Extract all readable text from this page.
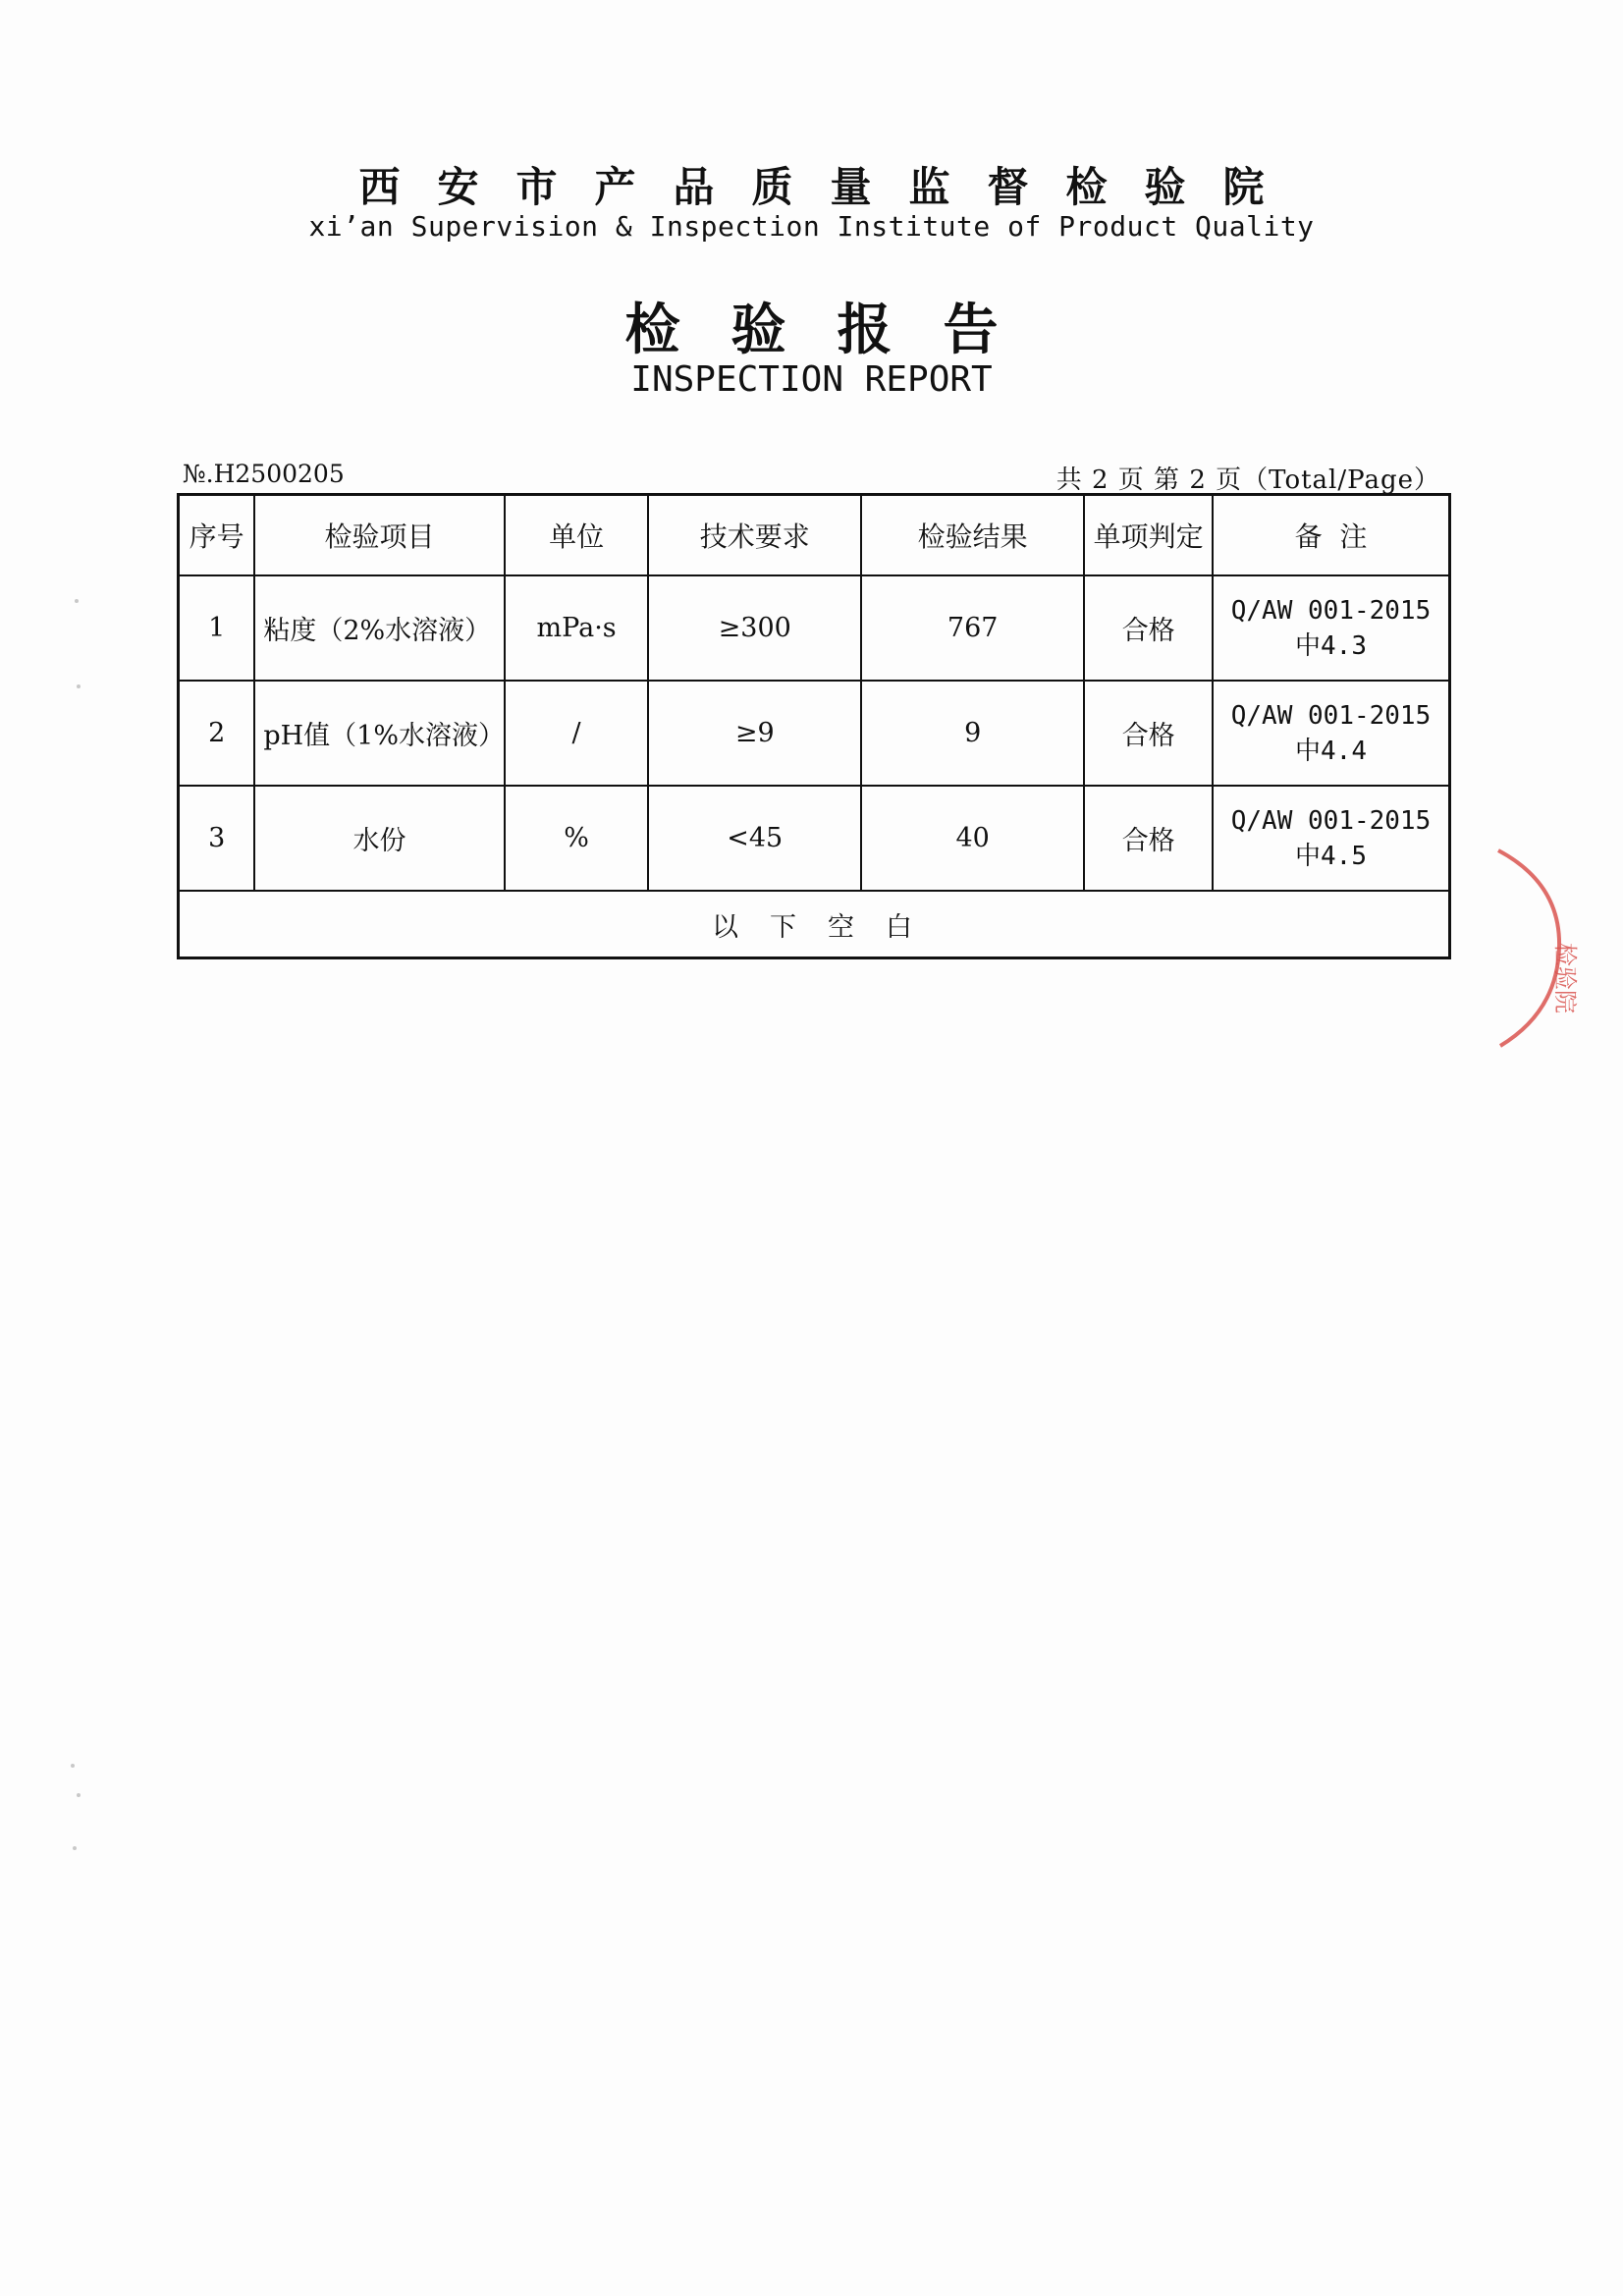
西安市产品质量监督检验院
xi’an Supervision & Inspection Institute of Product Quality
检验报告
INSPECTION REPORT
№.H2500205	共 2 页 第 2 页（Total/Page）
序号	检验项目	单位	技术要求	检验结果	单项判定	备  注
1	粘度（2%水溶液）	mPa·s	≥300	767	合格	Q/AW 001-2015
中4.3

2	pH值（1%水溶液）	/	≥9	9	合格	Q/AW 001-2015
中4.4

3	水份	%	<45	40	合格	Q/AW 001-2015
中4.5

以下空白						
检验院
